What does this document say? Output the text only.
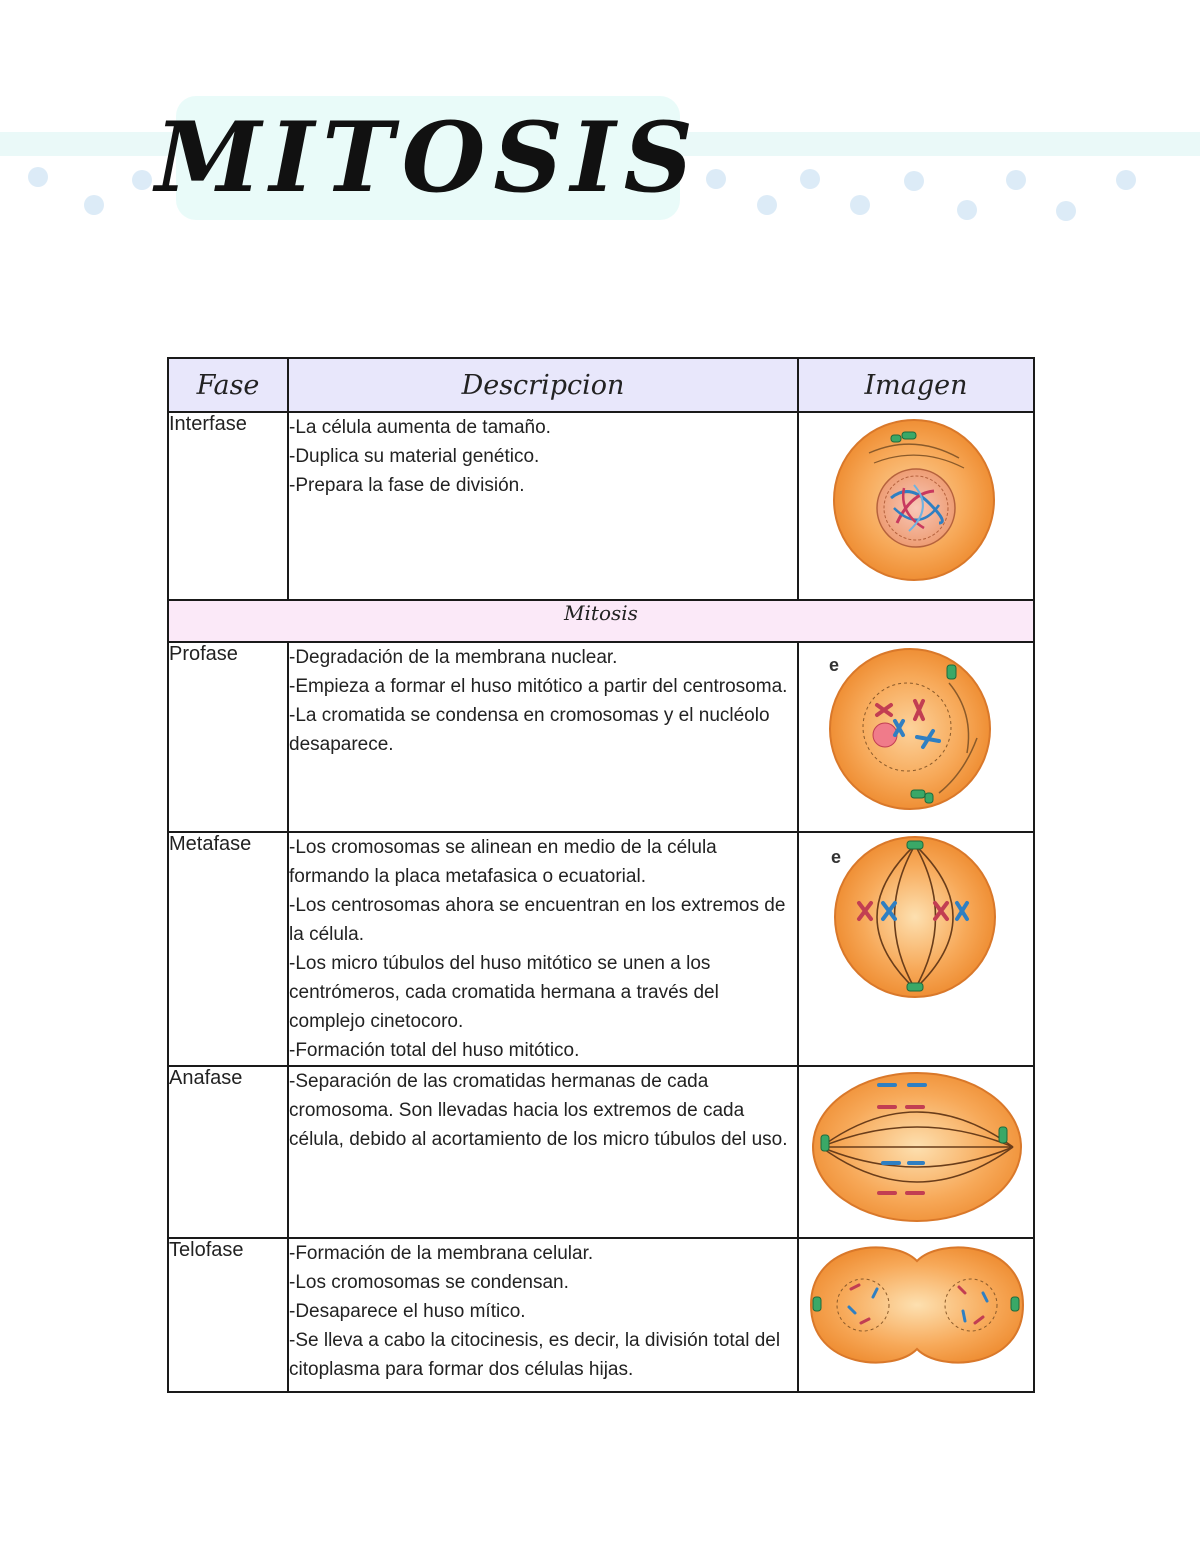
MITOSIS
Fase	Descripcion	Imagen
Interfase	-La célula aumenta de tamaño.
-Duplica su material genético.
-Prepara la fase de división.

Mitosis		
Profase	-Degradación de la membrana nuclear.
-Empieza a formar el huso mitótico a partir del centrosoma.
-La cromatida se condensa en cromosomas y el nucléolo desaparece.	e

Metafase	-Los cromosomas se alinean en medio de la célula formando la placa metafasica o ecuatorial.
-Los centrosomas ahora se encuentran en los extremos de la célula.
-Los micro túbulos del huso mitótico se unen a los centrómeros, cada cromatida hermana a través del complejo cinetocoro.
-Formación total del huso mitótico.	e

Anafase	-Separación de las cromatidas hermanas de cada cromosoma. Son llevadas hacia los extremos de cada célula, debido al acortamiento de los micro túbulos del uso.

Telofase	-Formación de la membrana celular.
-Los cromosomas se condensan.
-Desaparece el huso mítico.
-Se lleva a cabo la citocinesis, es decir, la división total del citoplasma para formar dos células hijas.
